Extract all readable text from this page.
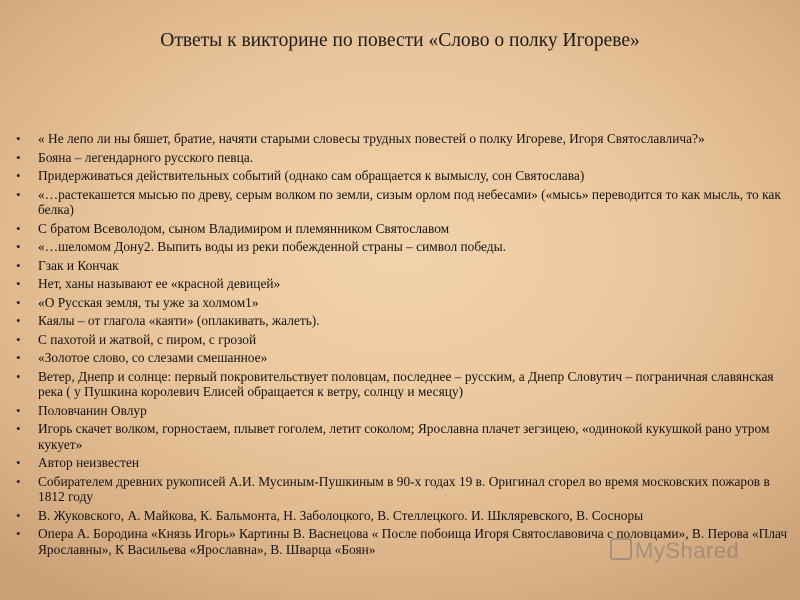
Ответы к викторине по повести «Слово о полку Игореве»
• « Не лепо ли ны бяшет, братие, начяти старыми словесы трудных повестей о полку Игореве, Игоря Святославлича?»
• Бояна – легендарного русского певца.
• Придерживаться действительных событий (однако сам обращается к вымыслу, сон Святослава)
• «…растекашется мысью по древу, серым волком по земли, сизым орлом под небесами» («мысь» переводится то как мысль, то как белка)
• С братом Всеволодом, сыном Владимиром и племянником Святославом
• «…шеломом Дону2. Выпить воды из реки побежденной страны – символ победы.
• Гзак и Кончак
• Нет, ханы называют ее «красной девицей»
• «О Русская земля, ты уже за холмом1»
• Каялы – от глагола «каяти» (оплакивать, жалеть).
• С пахотой и жатвой, с пиром, с грозой
• «Золотое слово, со слезами смешанное»
• Ветер, Днепр и солнце: первый покровительствует половцам, последнее – русским, а Днепр Словутич – пограничная славянская река ( у Пушкина королевич Елисей обращается к ветру, солнцу и месяцу)
• Половчанин Овлур
• Игорь скачет волком, горностаем, плывет гоголем, летит соколом; Ярославна плачет зегзицею, «одинокой кукушкой рано утром кукует»
• Автор неизвестен
• Собирателем древних рукописей А.И. Мусиным-Пушкиным в 90-х годах 19 в. Оригинал сгорел во время московских пожаров в 1812 году
• В. Жуковского, А. Майкова, К. Бальмонта, Н. Заболоцкого, В. Стеллецкого. И. Шкляревского, В. Сосноры
• Опера А. Бородина «Князь Игорь» Картины В. Васнецова « После побоища Игоря Святославовича с половцами», В. Перова «Плач Ярославны», К Васильева «Ярославна», В. Шварца «Боян»	MyShared
